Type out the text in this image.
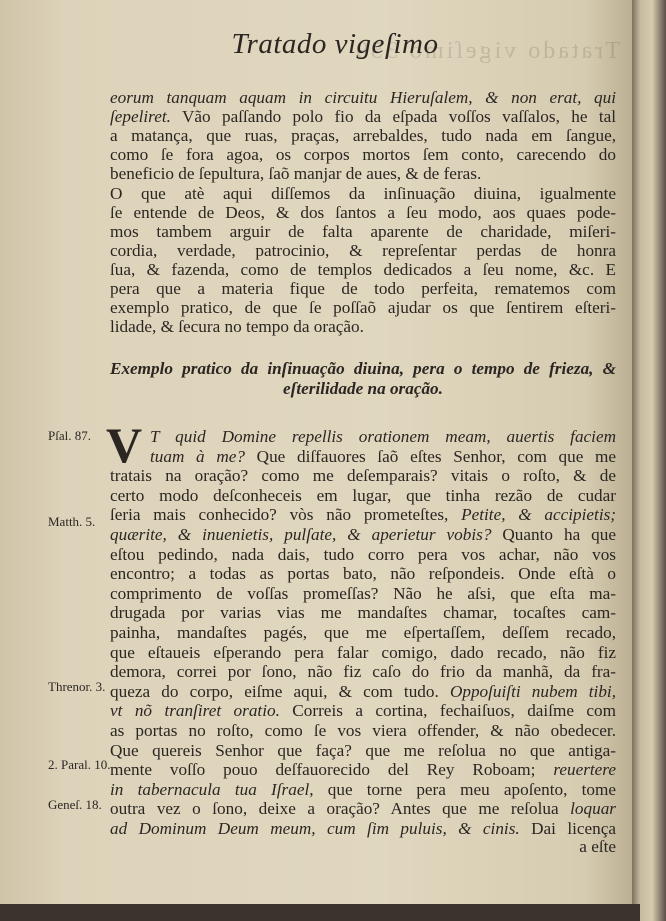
Tratado vigeſimo 359
Tratado vigeſimo
eorum tanquam aquam in circuitu Hieruſalem, & non erat, qui
ſepeliret. Vão paſſando polo fio da eſpada voſſos vaſſalos, he tal
a matança, que ruas, praças, arrebaldes, tudo nada em ſangue,
como ſe fora agoa, os corpos mortos ſem conto, carecendo do
beneficio de ſepultura, ſaõ manjar de aues, & de feras.
O que atè aqui diſſemos da inſinuação diuina, igualmente
ſe entende de Deos, & dos ſantos a ſeu modo, aos quaes pode-
mos tambem arguir de falta aparente de charidade, miſeri-
cordia, verdade, patrocinio, & repreſentar perdas de honra
ſua, & fazenda, como de templos dedicados a ſeu nome, &c. E
pera que a materia fique de todo perfeita, rematemos com
exemplo pratico, de que ſe poſſaõ ajudar os que ſentirem eſteri-
lidade, & ſecura no tempo da oração.
Exemplo pratico da inſinuação diuina, pera o tempo de frieza, &
eſterilidade na oração.
T quid Domine repellis orationem meam, auertis faciem
tuam à me? Que diſfauores ſaõ eſtes Senhor, com que me
tratais na oração? como me deſemparais? vitais o roſto, & de
certo modo deſconheceis em lugar, que tinha rezão de cudar
ſeria mais conhecido? vòs não prometeſtes, Petite, & accipietis;
quærite, & inuenietis, pulſate, & aperietur vobis? Quanto ha que
eſtou pedindo, nada dais, tudo corro pera vos achar, não vos
encontro; a todas as portas bato, não reſpondeis. Onde eſtà o
comprimento de voſſas promeſſas? Não he aſsi, que eſta ma-
drugada por varias vias me mandaſtes chamar, tocaſtes cam-
painha, mandaſtes pagés, que me eſpertaſſem, deſſem recado,
que eſtaueis eſperando pera falar comigo, dado recado, não fiz
demora, correi por ſono, não fiz caſo do frio da manhã, da fra-
queza do corpo, eiſme aqui, & com tudo. Oppoſuiſti nubem tibi,
vt nõ tranſiret oratio. Correis a cortina, fechaiſuos, daiſme com
as portas no roſto, como ſe vos viera offender, & não obedecer.
Que quereis Senhor que faça? que me reſolua no que antiga-
mente voſſo pouo deſfauorecido del Rey Roboam; reuertere
in tabernacula tua Iſrael, que torne pera meu apoſento, tome
outra vez o ſono, deixe a oração? Antes que me reſolua loquar
ad Dominum Deum meum, cum ſim puluis, & cinis. Dai licença
V
a eſte
Pſal. 87.
Matth. 5.
Threnor. 3.
2. Paral. 10.
Geneſ. 18.
